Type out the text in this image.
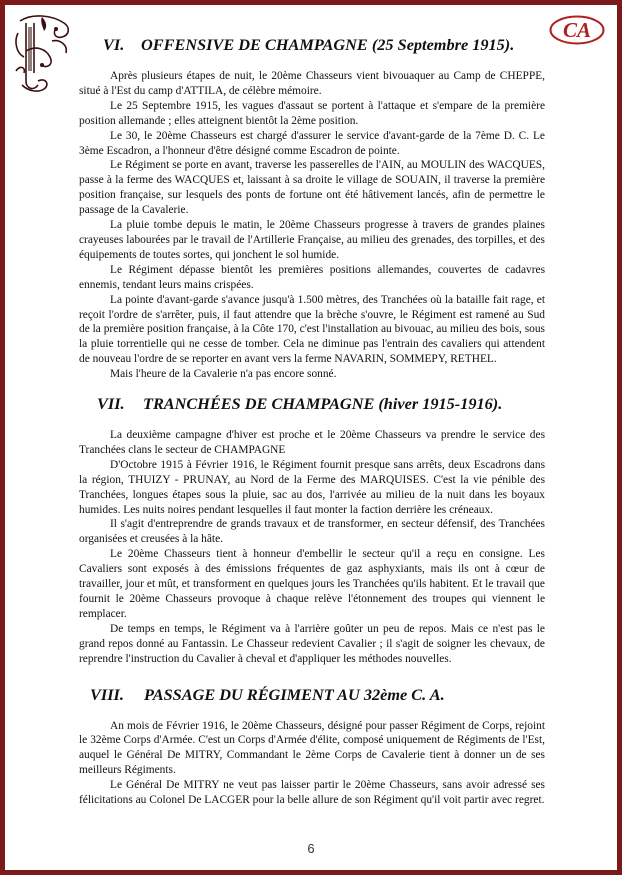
CA
VI. OFFENSIVE DE CHAMPAGNE (25 Septembre 1915).

Après plusieurs étapes de nuit, le 20ème Chasseurs vient bivouaquer au Camp de CHEPPE, situé à l'Est du camp d'ATTILA, de célèbre mémoire.

Le 25 Septembre 1915, les vagues d'assaut se portent à l'attaque et s'empare de la première position allemande ; elles atteignent bientôt la 2ème position.

Le 30, le 20ème Chasseurs est chargé d'assurer le service d'avant-garde de la 7ème D. C. Le 3ème Escadron, a l'honneur d'être désigné comme Escadron de pointe.

Le Régiment se porte en avant, traverse les passerelles de l'AIN, au MOULIN des WACQUES, passe à la ferme des WACQUES et, laissant à sa droite le village de SOUAIN, il traverse la première position française, sur lesquels des ponts de fortune ont été hâtivement lancés, afin de permettre le passage de la Cavalerie.

La pluie tombe depuis le matin, le 20ème Chasseurs progresse à travers de grandes plaines crayeuses labourées par le travail de l'Artillerie Française, au milieu des grenades, des torpilles, et des équipements de toutes sortes, qui jonchent le sol humide.

Le Régiment dépasse bientôt les premières positions allemandes, couvertes de cadavres ennemis, tendant leurs mains crispées.

La pointe d'avant-garde s'avance jusqu'à 1.500 mètres, des Tranchées où la bataille fait rage, et reçoit l'ordre de s'arrêter, puis, il faut attendre que la brèche s'ouvre, le Régiment est ramené au Sud de la première position française, à la Côte 170, c'est l'installation au bivouac, au milieu des bois, sous la pluie torrentielle qui ne cesse de tomber. Cela ne diminue pas l'entrain des cavaliers qui attendent de nouveau l'ordre de se reporter en avant vers la ferme NAVARIN, SOMMEPY, RETHEL.

Mais l'heure de la Cavalerie n'a pas encore sonné.

VII. TRANCHÉES DE CHAMPAGNE (hiver 1915-1916).

La deuxième campagne d'hiver est proche et le 20ème Chasseurs va prendre le service des Tranchées clans le secteur de CHAMPAGNE

D'Octobre 1915 à Février 1916, le Régiment fournit presque sans arrêts, deux Escadrons dans la région, THUIZY - PRUNAY, au Nord de la Ferme des MARQUISES. C'est la vie pénible des Tranchées, longues étapes sous la pluie, sac au dos, l'arrivée au milieu de la nuit dans les boyaux humides. Les nuits noires pendant lesquelles il faut monter la faction derrière les créneaux.

Il s'agit d'entreprendre de grands travaux et de transformer, en secteur défensif, des Tranchées organisées et creusées à la hâte.

Le 20ème Chasseurs tient à honneur d'embellir le secteur qu'il a reçu en consigne. Les Cavaliers sont exposés à des émissions fréquentes de gaz asphyxiants, mais ils ont à cœur de travailler, jour et mût, et transforment en quelques jours les Tranchées qu'ils habitent. Et le travail que fournit le 20ème Chasseurs provoque à chaque relève l'étonnement des troupes qui viennent le remplacer.

De temps en temps, le Régiment va à l'arrière goûter un peu de repos. Mais ce n'est pas le grand repos donné au Fantassin. Le Chasseur redevient Cavalier ; il s'agit de soigner les chevaux, de reprendre l'instruction du Cavalier à cheval et d'appliquer les méthodes nouvelles.

VIII. PASSAGE DU RÉGIMENT AU 32ème C. A.

An mois de Février 1916, le 20ème Chasseurs, désigné pour passer Régiment de Corps, rejoint le 32ème Corps d'Armée. C'est un Corps d'Armée d'élite, composé uniquement de Régiments de l'Est, auquel le Général De MITRY, Commandant le 2ème Corps de Cavalerie tient à donner un de ses meilleurs Régiments.

Le Général De MITRY ne veut pas laisser partir le 20ème Chasseurs, sans avoir adressé ses félicitations au Colonel De LACGER pour la belle allure de son Régiment qu'il voit partir avec regret.

6
